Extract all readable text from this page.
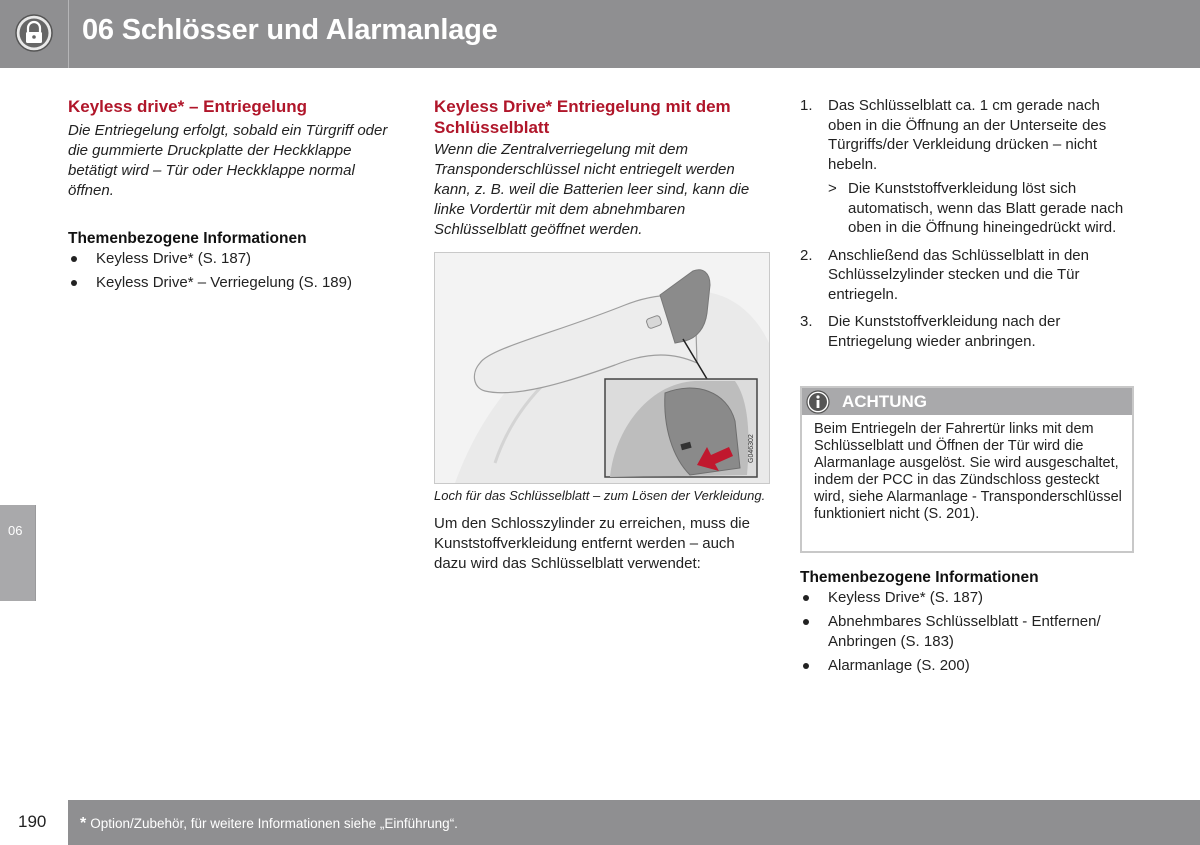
06 Schlösser und Alarmanlage
06
Keyless drive* – Entriegelung

Die Entriegelung erfolgt, sobald ein Türgriff oder die gummierte Druckplatte der Heckklappe betätigt wird – Tür oder Heckklappe normal öffnen.

Themenbezogene Informationen
Keyless Drive* (S. 187)
Keyless Drive* – Verriegelung (S. 189)
Keyless Drive* Entriegelung mit dem Schlüsselblatt

Wenn die Zentralverriegelung mit dem Transponderschlüssel nicht entriegelt werden kann, z. B. weil die Batterien leer sind, kann die linke Vordertür mit dem abnehmbaren Schlüsselblatt geöffnet werden.

G046302

Loch für das Schlüsselblatt – zum Lösen der Verkleidung.

Um den Schlosszylinder zu erreichen, muss die Kunststoffverkleidung entfernt werden – auch dazu wird das Schlüsselblatt verwendet:

1. Das Schlüsselblatt ca. 1 cm gerade nach oben in die Öffnung an der Unterseite des Türgriffs/der Verkleidung drücken – nicht hebeln.
> Die Kunststoffverkleidung löst sich automatisch, wenn das Blatt gerade nach oben in die Öffnung hineingedrückt wird.
2. Anschließend das Schlüsselblatt in den Schlüsselzylinder stecken und die Tür entriegeln.
3. Die Kunststoffverkleidung nach der Entriegelung wieder anbringen.
ACHTUNG
Beim Entriegeln der Fahrertür links mit dem Schlüsselblatt und Öffnen der Tür wird die Alarmanlage ausgelöst. Sie wird ausgeschaltet, indem der PCC in das Zündschloss gesteckt wird, siehe Alarmanlage - Transponderschlüssel funktioniert nicht (S. 201).
Themenbezogene Informationen
Keyless Drive* (S. 187)
Abnehmbares Schlüsselblatt - Entfernen/ Anbringen (S. 183)
Alarmanlage (S. 200)
190 * Option/Zubehör, für weitere Informationen siehe „Einführung“.
